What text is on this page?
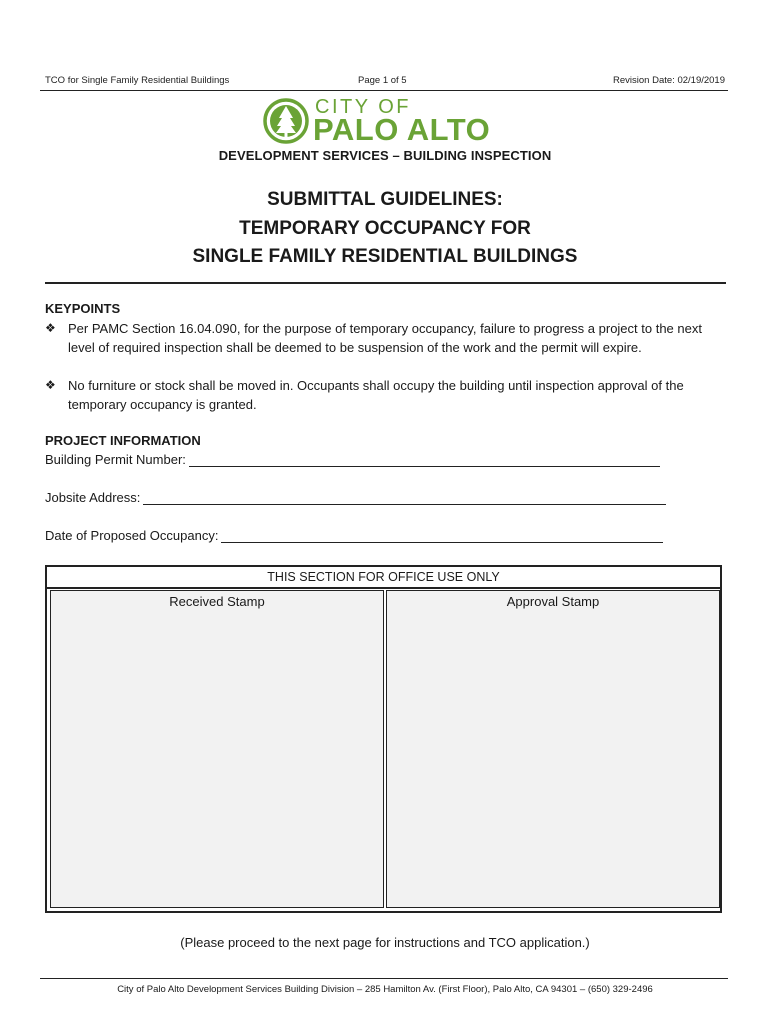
TCO for Single Family Residential Buildings	Page 1 of 5	Revision Date: 02/19/2019
CITY OF
PALO ALTO
DEVELOPMENT SERVICES – BUILDING INSPECTION
SUBMITTAL GUIDELINES:
TEMPORARY OCCUPANCY FOR
SINGLE FAMILY RESIDENTIAL BUILDINGS
KEYPOINTS
❖ Per PAMC Section 16.04.090, for the purpose of temporary occupancy, failure to progress a project to the next level of required inspection shall be deemed to be suspension of the work and the permit will expire.
❖ No furniture or stock shall be moved in. Occupants shall occupy the building until inspection approval of the temporary occupancy is granted.
PROJECT INFORMATION
Building Permit Number:
Jobsite Address:
Date of Proposed Occupancy:
THIS SECTION FOR OFFICE USE ONLY
Received Stamp	Approval Stamp
(Please proceed to the next page for instructions and TCO application.)
City of Palo Alto Development Services Building Division – 285 Hamilton Av. (First Floor), Palo Alto, CA 94301 – (650) 329-2496
